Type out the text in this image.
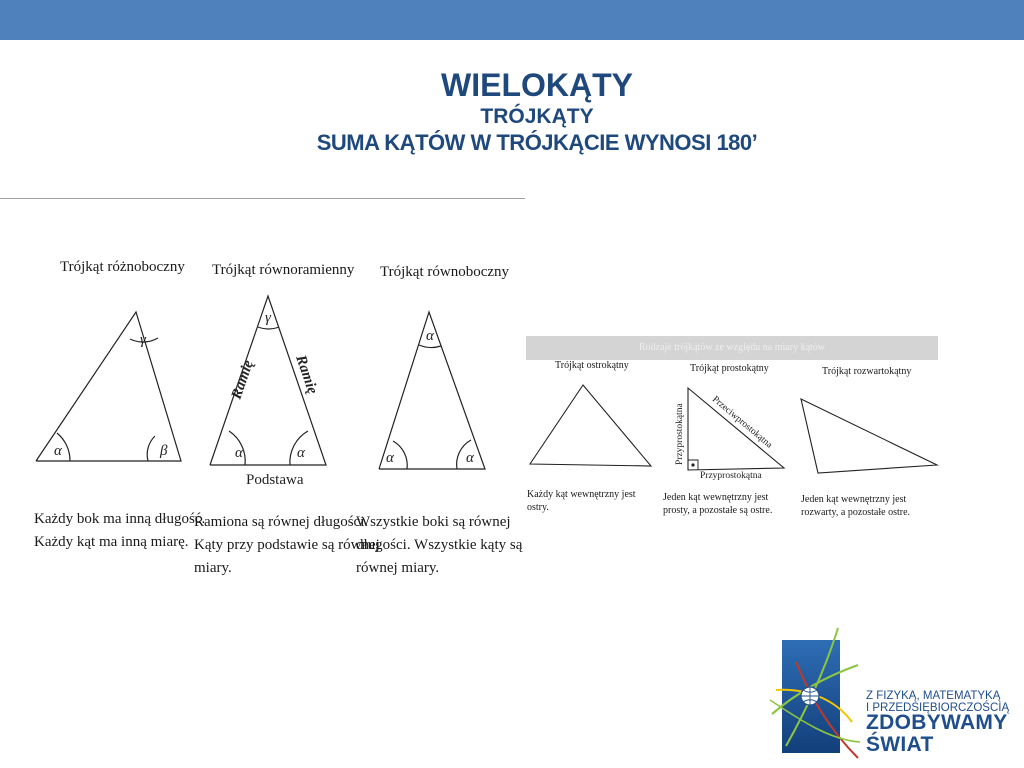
WIELOKĄTY
TRÓJKĄTY
SUMA KĄTÓW W TRÓJKĄCIE WYNOSI 180’
Trójkąt różnoboczny Trójkąt równoramienny Trójkąt równoboczny
α	β
γ
α	α
γ
α	α
α
Ramię Ramię
Podstawa
Każdy bok ma inną długość.
Każdy kąt ma inną miarę.
Ramiona są równej długości.
Kąty przy podstawie są równej
miary.
Wszystkie boki są równej
długości. Wszystkie kąty są
równej miary.
Rodzaje trójkątów ze względu na miary kątów
Trójkąt ostrokątny	Trójkąt prostokątny	Trójkąt rozwartokątny
Przyprostokątna	Przeciwprostokątna
Przyprostokątna
Każdy kąt wewnętrzny jest
ostry.
Jeden kąt wewnętrzny jest
prosty, a pozostałe są ostre.
Jeden kąt wewnętrzny jest
rozwarty, a pozostałe ostre.
Z FIZYKĄ, MATEMATYKĄ
I PRZEDSIĘBIORCZOŚCIĄ
ZDOBYWAMY
ŚWIAT
